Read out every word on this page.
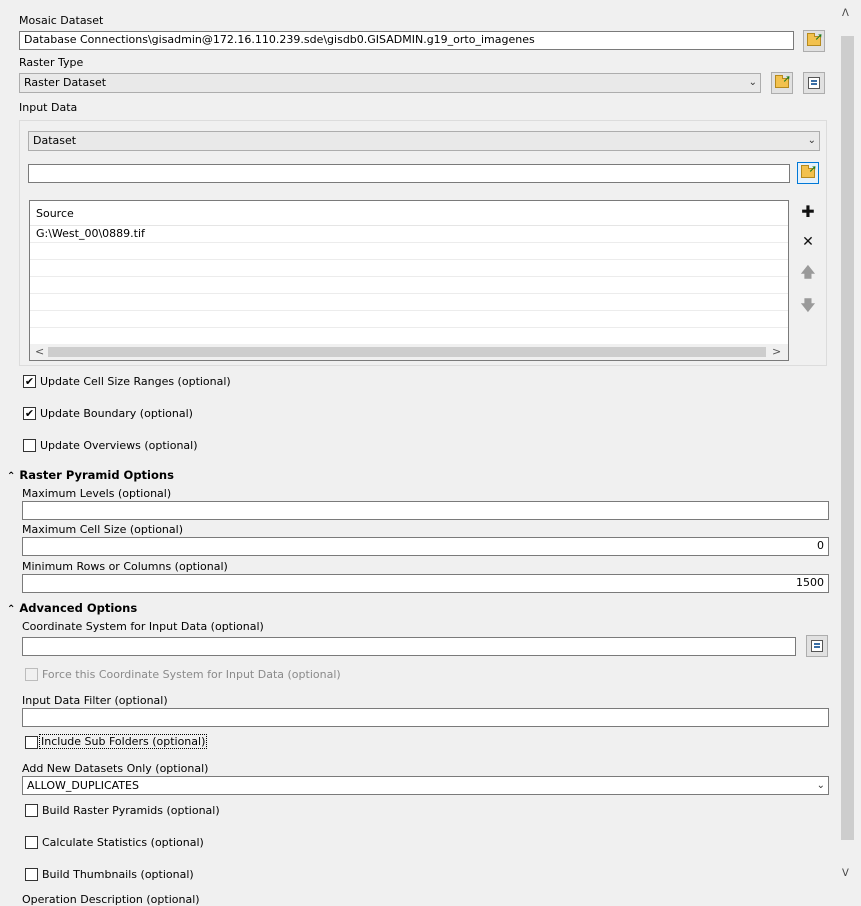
Mosaic Dataset
Database Connections\gisadmin@172.16.110.239.sde\gisdb0.GISADMIN.g19_orto_imagenes	➚
Raster Type
Raster Dataset	⌄	➚
Input Data
Dataset	⌄
➚
Source
G:\West_00\0889.tif
<	>
✚
✕
🡅
🡇
✔ Update Cell Size Ranges (optional)
✔ Update Boundary (optional)
Update Overviews (optional)
⌃ Raster Pyramid Options
Maximum Levels (optional)
Maximum Cell Size (optional)
0
Minimum Rows or Columns (optional)
1500
⌃ Advanced Options
Coordinate System for Input Data (optional)
Force this Coordinate System for Input Data (optional)
Input Data Filter (optional)
Include Sub Folders (optional)
Add New Datasets Only (optional)
ALLOW_DUPLICATES	⌄
Build Raster Pyramids (optional)
Calculate Statistics (optional)
Build Thumbnails (optional)
Operation Description (optional)
ᐱ
ᐯ
